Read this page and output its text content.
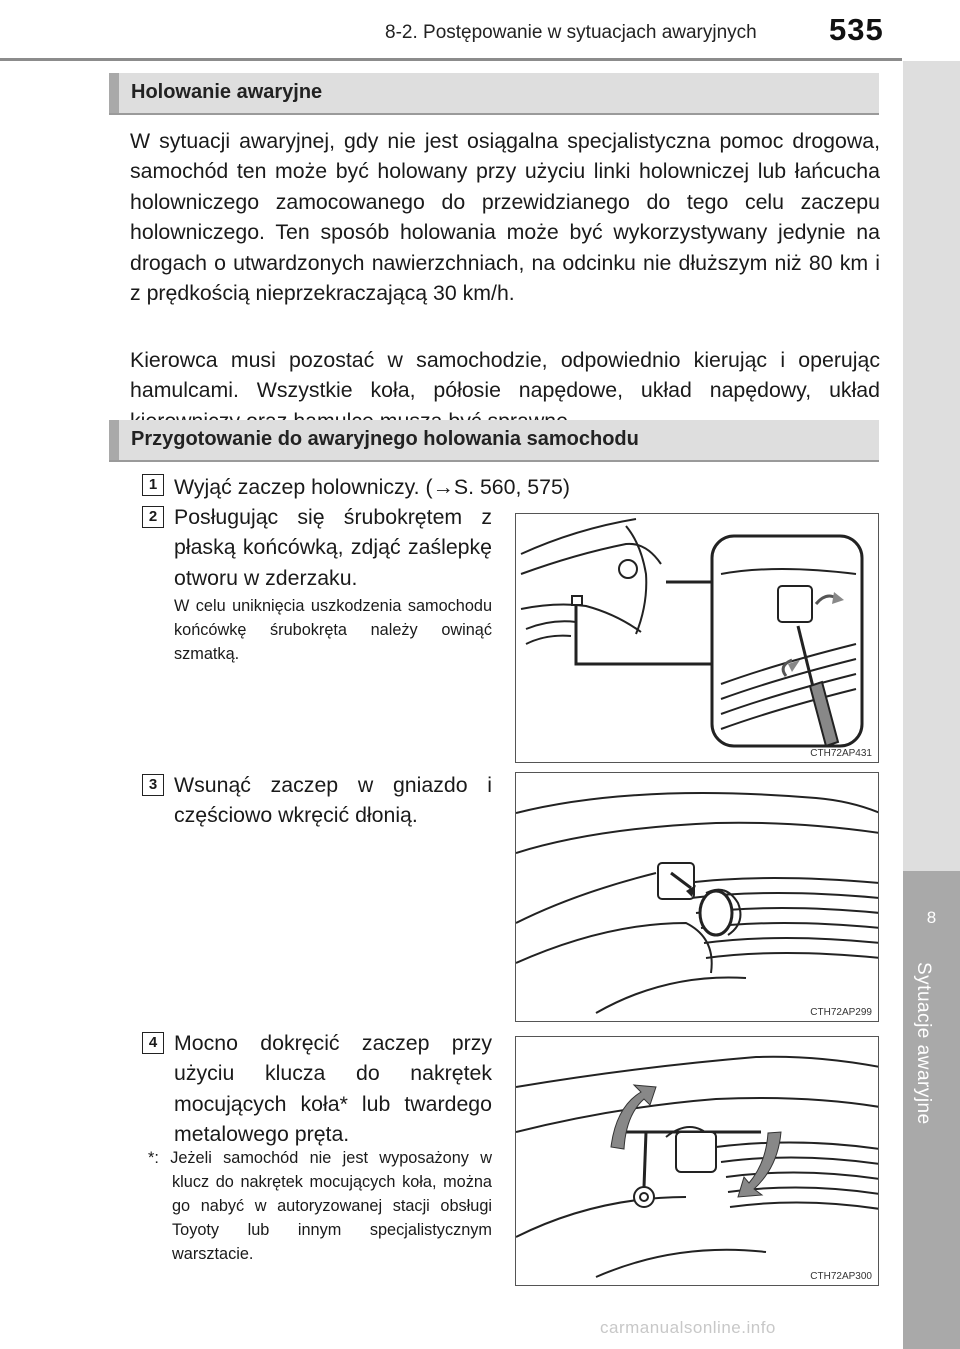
8-2. Postępowanie w sytuacjach awaryjnych 535
8
Sytuacje awaryjne
Holowanie awaryjne
W sytuacji awaryjnej, gdy nie jest osiągalna specjalistyczna pomoc drogowa, samochód ten może być holowany przy użyciu linki holowniczej lub łańcucha holowniczego zamocowanego do przewidzianego do tego celu zaczepu holowniczego. Ten sposób holowania może być wykorzystywany jedynie na drogach o utwardzonych nawierzchniach, na odcinku nie dłuższym niż 80 km i z prędkością nieprzekraczającą 30 km/h.
Kierowca musi pozostać w samochodzie, odpowiednio kierując i operując hamulcami. Wszystkie koła, półosie napędowe, układ napędowy, układ
Przygotowanie do awaryjnego holowania samochodu
1 Wyjąć zaczep holowniczy. (→S. 560, 575)
2 Posługując się śrubokrętem z płaską końcówką, zdjąć zaślepkę otworu w zderzaku.
W celu uniknięcia uszkodzenia samochodu końcówkę śrubokręta należy owinąć szmatką.
CTH72AP431
3 Wsunąć zaczep w gniazdo i częściowo wkręcić dłonią.
CTH72AP299
4 Mocno dokręcić zaczep przy użyciu klucza do nakrętek mocujących koła* lub twardego metalowego pręta.
*: Jeżeli samochód nie jest wyposażony w klucz do nakrętek mocujących koła, można go nabyć w autoryzowanej stacji obsługi Toyoty lub innym specjalistycznym warsztacie.
CTH72AP300
carmanualsonline.info
